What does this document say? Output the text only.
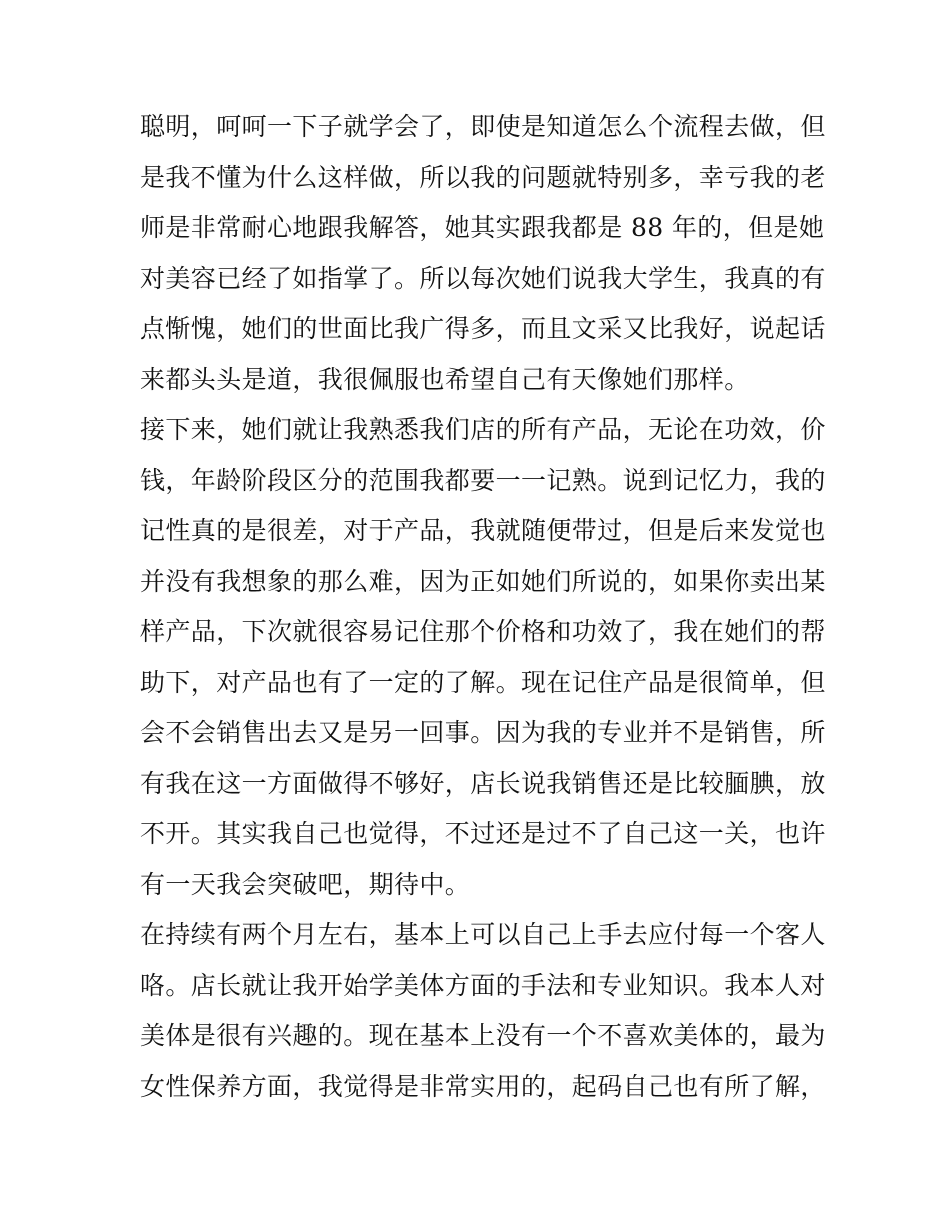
聪明，呵呵一下子就学会了，即使是知道怎么个流程去做，但
是我不懂为什么这样做，所以我的问题就特别多，幸亏我的老
师是非常耐心地跟我解答，她其实跟我都是 88 年的，但是她
对美容已经了如指掌了。所以每次她们说我大学生，我真的有
点惭愧，她们的世面比我广得多，而且文采又比我好，说起话
来都头头是道，我很佩服也希望自己有天像她们那样。
接下来，她们就让我熟悉我们店的所有产品，无论在功效，价
钱，年龄阶段区分的范围我都要一一记熟。说到记忆力，我的
记性真的是很差，对于产品，我就随便带过，但是后来发觉也
并没有我想象的那么难，因为正如她们所说的，如果你卖出某
样产品，下次就很容易记住那个价格和功效了，我在她们的帮
助下，对产品也有了一定的了解。现在记住产品是很简单，但
会不会销售出去又是另一回事。因为我的专业并不是销售，所
有我在这一方面做得不够好，店长说我销售还是比较腼腆，放
不开。其实我自己也觉得，不过还是过不了自己这一关，也许
有一天我会突破吧，期待中。
在持续有两个月左右，基本上可以自己上手去应付每一个客人
咯。店长就让我开始学美体方面的手法和专业知识。我本人对
美体是很有兴趣的。现在基本上没有一个不喜欢美体的，最为
女性保养方面，我觉得是非常实用的，起码自己也有所了解，
